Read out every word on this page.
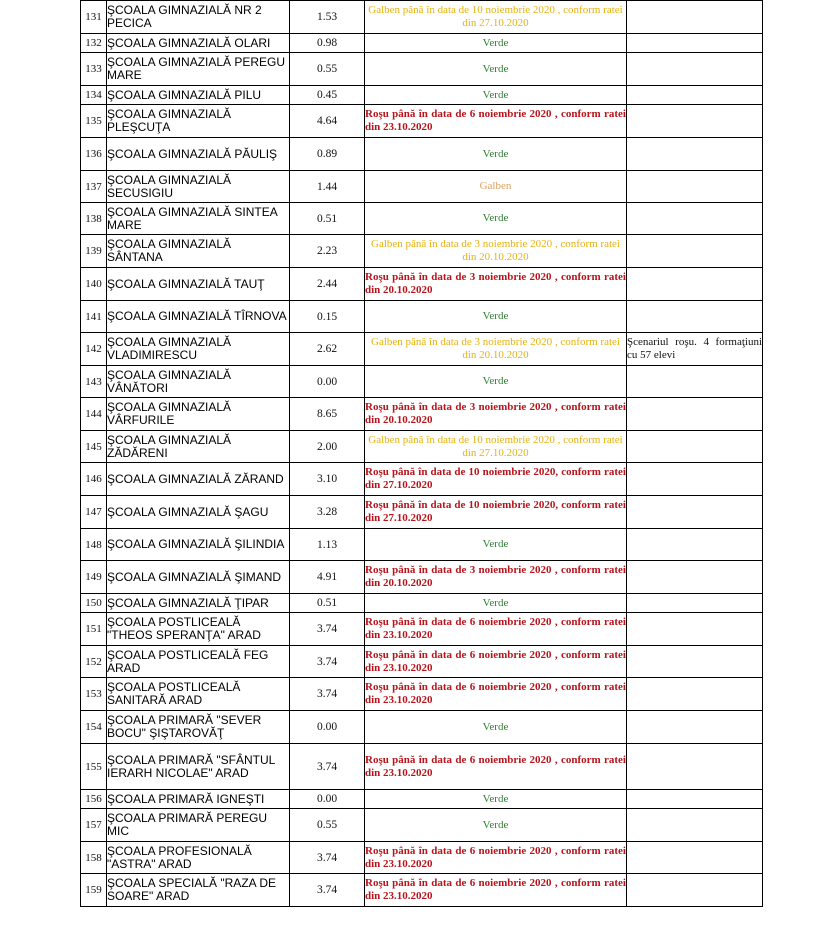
131	ŞCOALA GIMNAZIALĂ NR 2 PECICA	1.53	Galben până în data de 10 noiembrie 2020 , conform ratei din 27.10.2020	
132	ŞCOALA GIMNAZIALĂ OLARI	0.98	Verde	
133	ŞCOALA GIMNAZIALĂ PEREGU MARE	0.55	Verde	
134	ŞCOALA GIMNAZIALĂ PILU	0.45	Verde	
135	ŞCOALA GIMNAZIALĂ PLEŞCUŢA	4.64	Roşu până în data de 6 noiembrie 2020 , conform ratei din 23.10.2020	
136	ŞCOALA GIMNAZIALĂ PĂULIŞ	0.89	Verde	
137	ŞCOALA GIMNAZIALĂ SECUSIGIU	1.44	Galben	
138	ŞCOALA GIMNAZIALĂ SINTEA MARE	0.51	Verde	
139	ŞCOALA GIMNAZIALĂ SÂNTANA	2.23	Galben până în data de 3 noiembrie 2020 , conform ratei din 20.10.2020	
140	ŞCOALA GIMNAZIALĂ TAUŢ	2.44	Roşu până în data de 3 noiembrie 2020 , conform ratei din 20.10.2020	
141	ŞCOALA GIMNAZIALĂ TÎRNOVA	0.15	Verde	
142	ŞCOALA GIMNAZIALĂ VLADIMIRESCU	2.62	Galben până în data de 3 noiembrie 2020 , conform ratei din 20.10.2020	Şcenariul roşu. 4 formaţiuni cu 57 elevi
143	ŞCOALA GIMNAZIALĂ VÂNĂTORI	0.00	Verde	
144	ŞCOALA GIMNAZIALĂ VÂRFURILE	8.65	Roşu până în data de 3 noiembrie 2020 , conform ratei din 20.10.2020	
145	ŞCOALA GIMNAZIALĂ ZĂDĂRENI	2.00	Galben până în data de 10 noiembrie 2020 , conform ratei din 27.10.2020	
146	ŞCOALA GIMNAZIALĂ ZĂRAND	3.10	Roşu până în data de 10 noiembrie 2020, conform ratei din 27.10.2020	
147	ŞCOALA GIMNAZIALĂ ŞAGU	3.28	Roşu până în data de 10 noiembrie 2020, conform ratei din 27.10.2020	
148	ŞCOALA GIMNAZIALĂ ŞILINDIA	1.13	Verde	
149	ŞCOALA GIMNAZIALĂ ŞIMAND	4.91	Roşu până în data de 3 noiembrie 2020 , conform ratei din 20.10.2020	
150	ŞCOALA GIMNAZIALĂ ŢIPAR	0.51	Verde	
151	ŞCOALA POSTLICEALĂ "THEOS SPERANŢA" ARAD	3.74	Roşu până în data de 6 noiembrie 2020 , conform ratei din 23.10.2020	
152	ŞCOALA POSTLICEALĂ FEG ARAD	3.74	Roşu până în data de 6 noiembrie 2020 , conform ratei din 23.10.2020	
153	ŞCOALA POSTLICEALĂ SANITARĂ ARAD	3.74	Roşu până în data de 6 noiembrie 2020 , conform ratei din 23.10.2020	
154	ŞCOALA PRIMARĂ "SEVER BOCU" ŞIŞTAROVĂŢ	0.00	Verde	
155	ŞCOALA PRIMARĂ "SFÂNTUL IERARH NICOLAE" ARAD	3.74	Roşu până în data de 6 noiembrie 2020 , conform ratei din 23.10.2020	
156	ŞCOALA PRIMARĂ IGNEŞTI	0.00	Verde	
157	ŞCOALA PRIMARĂ PEREGU MIC	0.55	Verde	
158	ŞCOALA PROFESIONALĂ "ASTRA" ARAD	3.74	Roşu până în data de 6 noiembrie 2020 , conform ratei din 23.10.2020	
159	ŞCOALA SPECIALĂ "RAZA DE SOARE" ARAD	3.74	Roşu până în data de 6 noiembrie 2020 , conform ratei din 23.10.2020	
